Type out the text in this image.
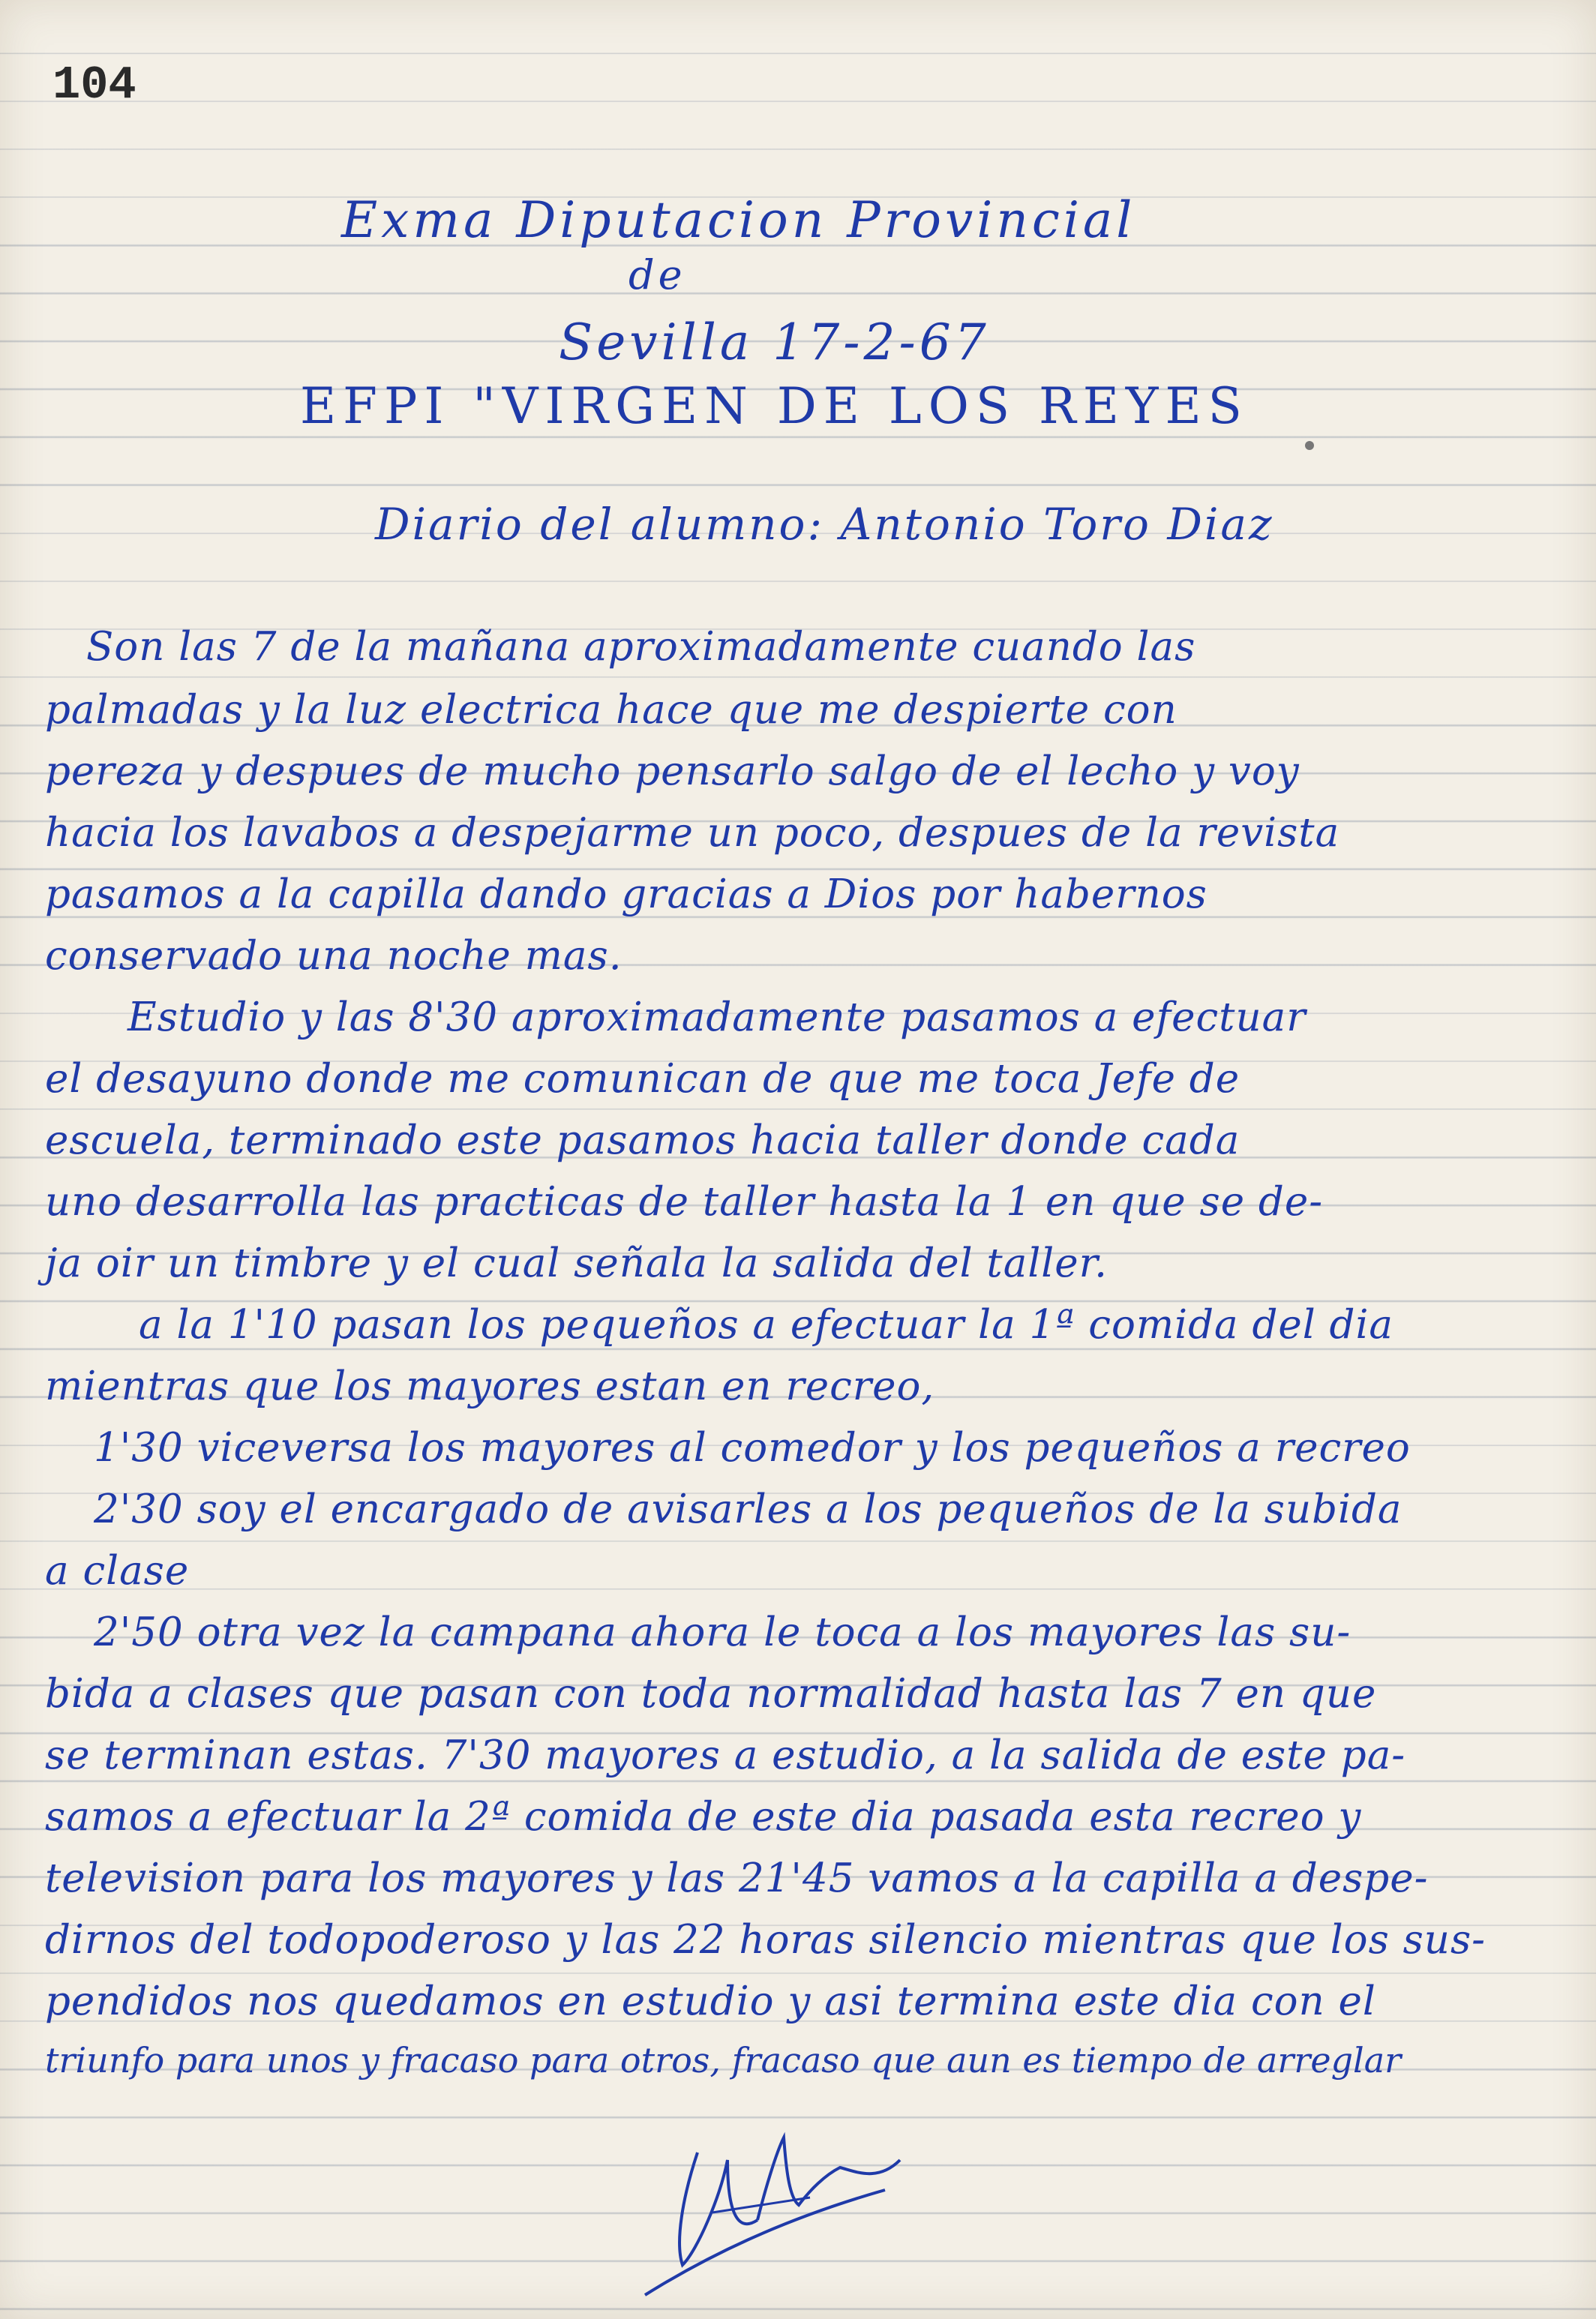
104
Exma Diputacion Provincial
de
Sevilla 17-2-67
EFPI "VIRGEN DE LOS REYES
Diario del alumno: Antonio Toro Diaz
Son las 7 de la mañana aproximadamente cuando las
palmadas y la luz electrica hace que me despierte con
pereza y despues de mucho pensarlo salgo de el lecho y voy
hacia los lavabos a despejarme un poco, despues de la revista
pasamos a la capilla dando gracias a Dios por habernos
conservado una noche mas.
Estudio y las 8'30 aproximadamente pasamos a efectuar
el desayuno donde me comunican de que me toca Jefe de
escuela, terminado este pasamos hacia taller donde cada
uno desarrolla las practicas de taller hasta la 1 en que se de-
ja oir un timbre y el cual señala la salida del taller.
a la 1'10 pasan los pequeños a efectuar la 1ª comida del dia
mientras que los mayores estan en recreo,
1'30 viceversa los mayores al comedor y los pequeños a recreo
2'30 soy el encargado de avisarles a los pequeños de la subida
a clase
2'50 otra vez la campana ahora le toca a los mayores las su-
bida a clases que pasan con toda normalidad hasta las 7 en que
se terminan estas. 7'30 mayores a estudio, a la salida de este pa-
samos a efectuar la 2ª comida de este dia pasada esta recreo y
television para los mayores y las 21'45 vamos a la capilla a despe-
dirnos del todopoderoso y las 22 horas silencio mientras que los sus-
pendidos nos quedamos en estudio y asi termina este dia con el
triunfo para unos y fracaso para otros, fracaso que aun es tiempo de arreglar
